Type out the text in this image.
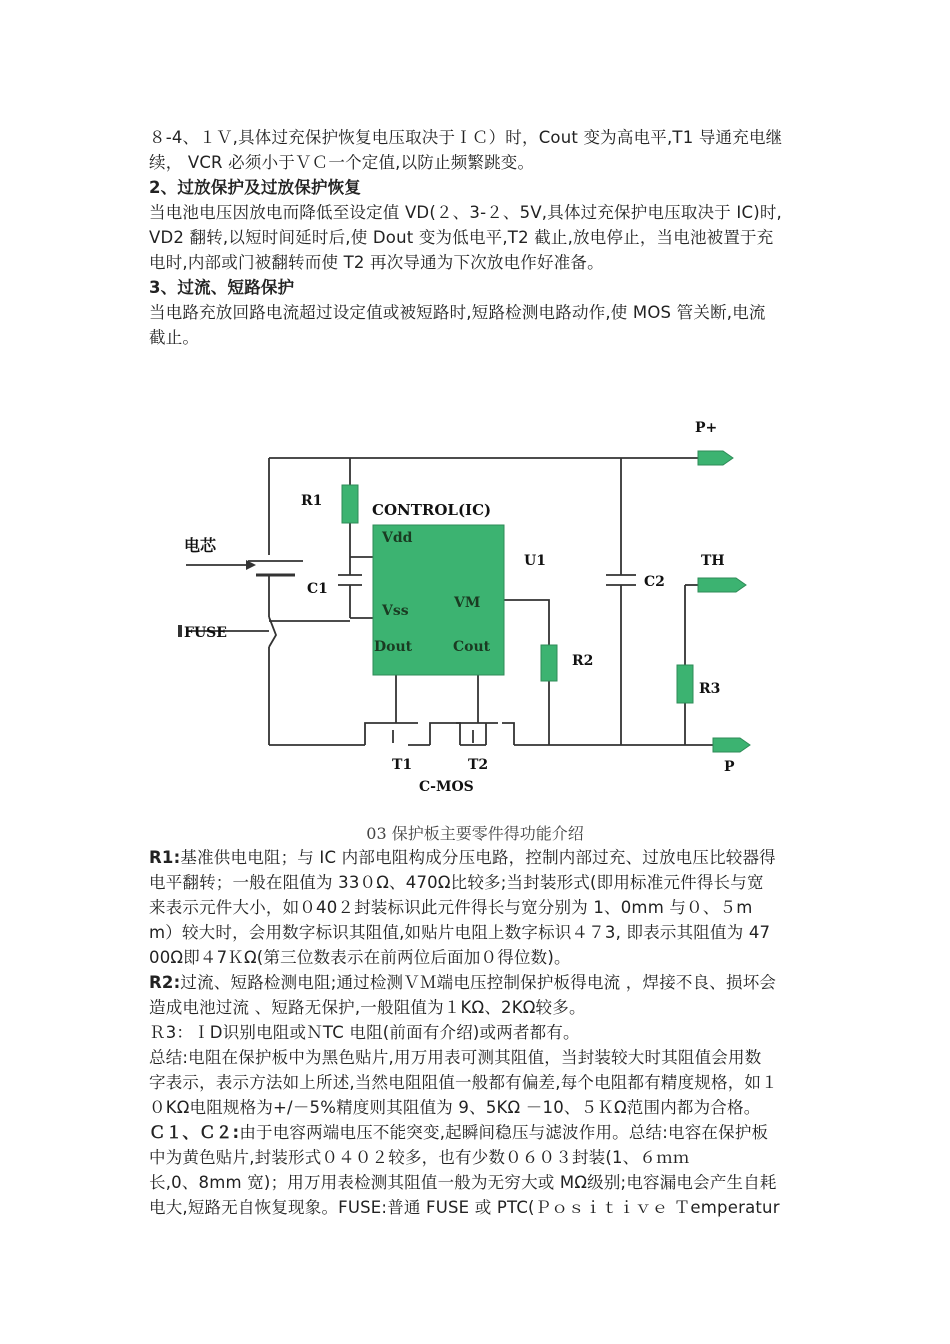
８-4、１Ｖ,具体过充保护恢复电压取决于ＩＣ）时，Cout 变为高电平,T1 导通充电继
续， VCR 必须小于ＶＣ一个定值,以防止频繁跳变。
2、过放保护及过放保护恢复
当电池电压因放电而降低至设定值 VD(２、3-２、5V,具体过充保护电压取决于 IC)时,
VD2 翻转,以短时间延时后,使 Dout 变为低电平,T2 截止,放电停止，当电池被置于充
电时,内部或门被翻转而使 T2 再次导通为下次放电作好准备。
3、过流、短路保护
当电路充放回路电流超过设定值或被短路时,短路检测电路动作,使 MOS 管关断,电流
截止。
P+
P
TH
R1
R2
R3
C1	C2
U1
CONTROL(IC)
Vdd
Vss	VM
Dout	Cout
T1	T2
C-MOS
电芯
FUSE
03 保护板主要零件得功能介绍
R1:基准供电电阻；与 IC 内部电阻构成分压电路，控制内部过充、过放电压比较器得
电平翻转；一般在阻值为 33０Ω、470Ω比较多;当封装形式(即用标准元件得长与宽
来表示元件大小，如０40２封装标识此元件得长与宽分别为 1、0mm 与０、５m
m）较大时，会用数字标识其阻值,如贴片电阻上数字标识４７3, 即表示其阻值为 47
00Ω即４7ＫΩ(第三位数表示在前两位后面加０得位数)。
R2:过流、短路检测电阻;通过检测ＶＭ端电压控制保护板得电流 ，焊接不良、损坏会
造成电池过流 、短路无保护,一般阻值为１KΩ、2KΩ较多。
Ｒ3：ＩD识别电阻或ＮTC 电阻(前面有介绍)或两者都有。
总结:电阻在保护板中为黑色贴片,用万用表可测其阻值，当封装较大时其阻值会用数
字表示，表示方法如上所述,当然电阻阻值一般都有偏差,每个电阻都有精度规格，如１
０KΩ电阻规格为+/－5%精度则其阻值为 9、5KΩ －10、５ＫΩ范围内都为合格。
Ｃ１、Ｃ２:由于电容两端电压不能突变,起瞬间稳压与滤波作用。总结:电容在保护板
中为黄色贴片,封装形式０４０２较多，也有少数０６０３封装(1、６ｍｍ
长,0、8mm 宽)；用万用表检测其阻值一般为无穷大或 MΩ级别;电容漏电会产生自耗
电大,短路无自恢复现象。FUSE:普通 FUSE 或 PTC(Ｐｏｓｉｔｉｖｅ Ｔemperatur
